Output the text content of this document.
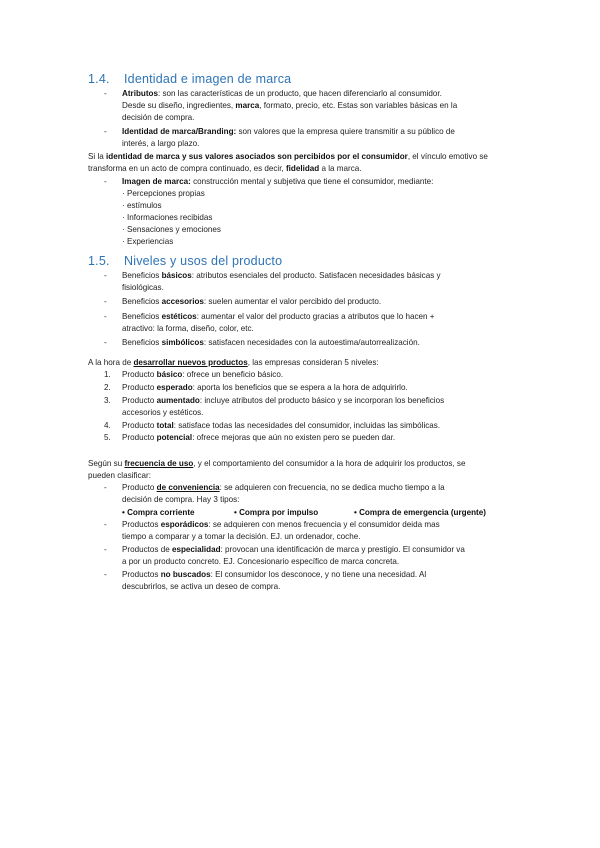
1.4. Identidad e imagen de marca
- Atributos: son las características de un producto, que hacen diferenciarlo al consumidor.
Desde su diseño, ingredientes, marca, formato, precio, etc. Estas son variables básicas en la
decisión de compra.
- Identidad de marca/Branding: son valores que la empresa quiere transmitir a su público de
interés, a largo plazo.
Si la identidad de marca y sus valores asociados son percibidos por el consumidor, el vínculo emotivo se
transforma en un acto de compra continuado, es decir, fidelidad a la marca.
- Imagen de marca: construcción mental y subjetiva que tiene el consumidor, mediante:
· Percepciones propias
· estímulos
· Informaciones recibidas
· Sensaciones y emociones
· Experiencias
1.5. Niveles y usos del producto
- Beneficios básicos: atributos esenciales del producto. Satisfacen necesidades básicas y
fisiológicas.
- Beneficios accesorios: suelen aumentar el valor percibido del producto.
- Beneficios estéticos: aumentar el valor del producto gracias a atributos que lo hacen +
atractivo: la forma, diseño, color, etc.
- Beneficios simbólicos: satisfacen necesidades con la autoestima/autorrealización.
A la hora de desarrollar nuevos productos, las empresas consideran 5 niveles:
1. Producto básico: ofrece un beneficio básico.
2. Producto esperado: aporta los beneficios que se espera a la hora de adquirirlo.
3. Producto aumentado: incluye atributos del producto básico y se incorporan los beneficios
accesorios y estéticos.
4. Producto total: satisface todas las necesidades del consumidor, incluidas las simbólicas.
5. Producto potencial: ofrece mejoras que aún no existen pero se pueden dar.
Según su frecuencia de uso, y el comportamiento del consumidor a la hora de adquirir los productos, se
pueden clasificar:
- Producto de conveniencia: se adquieren con frecuencia, no se dedica mucho tiempo a la
decisión de compra. Hay 3 tipos:
• Compra corriente	• Compra por impulso	• Compra de emergencia (urgente)
- Productos esporádicos: se adquieren con menos frecuencia y el consumidor deida mas
tiempo a comparar y a tomar la decisión. EJ. un ordenador, coche.
- Productos de especialidad: provocan una identificación de marca y prestigio. El consumidor va
a por un producto concreto. EJ. Concesionario específico de marca concreta.
- Productos no buscados: El consumidor los desconoce, y no tiene una necesidad. Al
descubrirlos, se activa un deseo de compra.
